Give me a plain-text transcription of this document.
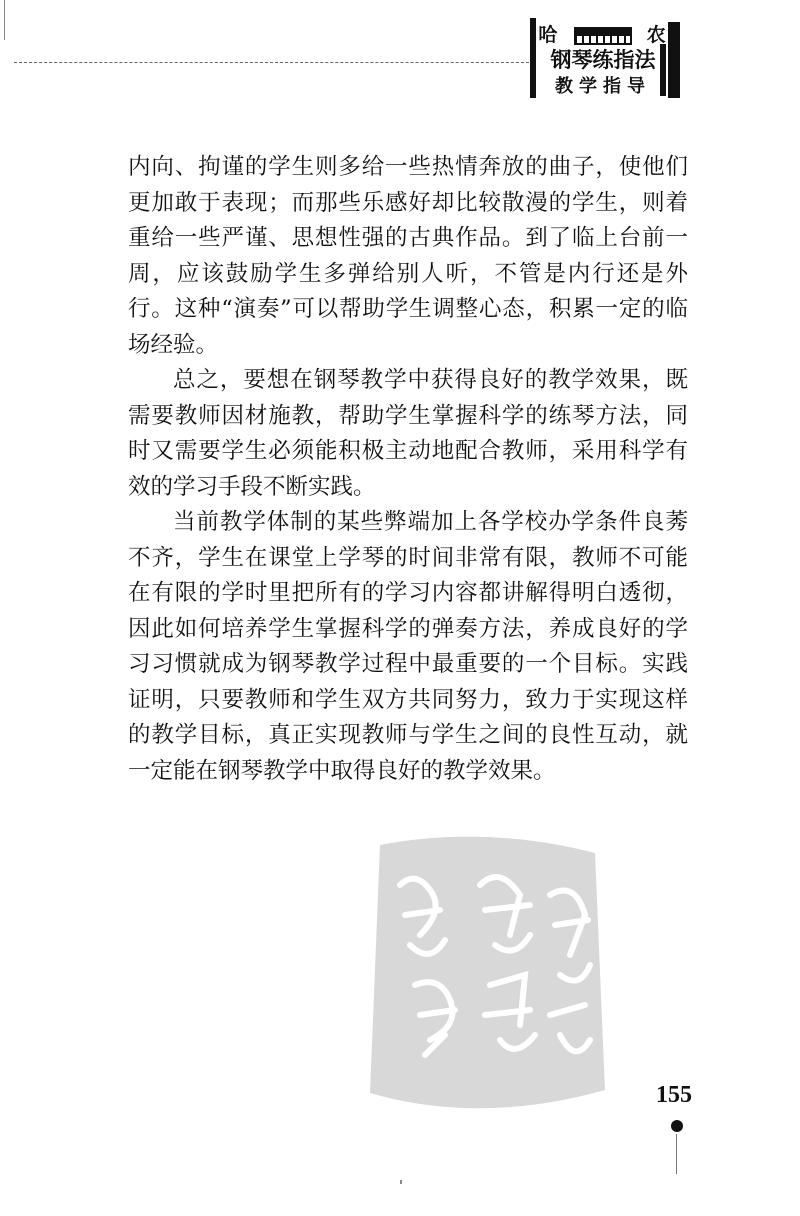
哈	农
钢琴练指法
教学指导

内向、拘谨的学生则多给一些热情奔放的曲子，使他们更加敢于表现；而那些乐感好却比较散漫的学生，则着重给一些严谨、思想性强的古典作品。到了临上台前一周，应该鼓励学生多弹给别人听，不管是内行还是外行。这种“演奏”可以帮助学生调整心态，积累一定的临场经验。

总之，要想在钢琴教学中获得良好的教学效果，既需要教师因材施教，帮助学生掌握科学的练琴方法，同时又需要学生必须能积极主动地配合教师，采用科学有效的学习手段不断实践。

当前教学体制的某些弊端加上各学校办学条件良莠不齐，学生在课堂上学琴的时间非常有限，教师不可能在有限的学时里把所有的学习内容都讲解得明白透彻，因此如何培养学生掌握科学的弹奏方法，养成良好的学习习惯就成为钢琴教学过程中最重要的一个目标。实践证明，只要教师和学生双方共同努力，致力于实现这样的教学目标，真正实现教师与学生之间的良性互动，就一定能在钢琴教学中取得良好的教学效果。

155
